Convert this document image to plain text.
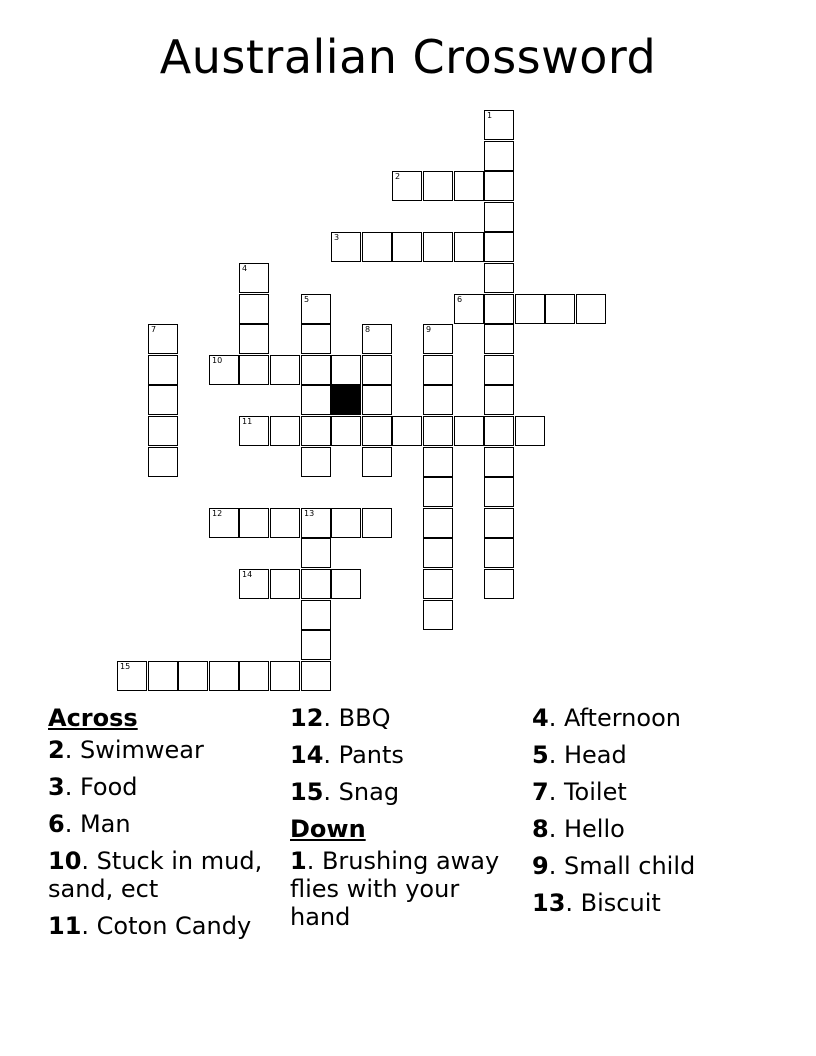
Australian Crossword
2
3
6
10
11
12	13
14
15
1
4
5
7	8	9
Across
2. Swimwear
3. Food
6. Man
10. Stuck in mud, sand, ect
11. Coton Candy
12. BBQ
14. Pants
15. Snag
Down
1. Brushing away flies with your hand
4. Afternoon
5. Head
7. Toilet
8. Hello
9. Small child
13. Biscuit
